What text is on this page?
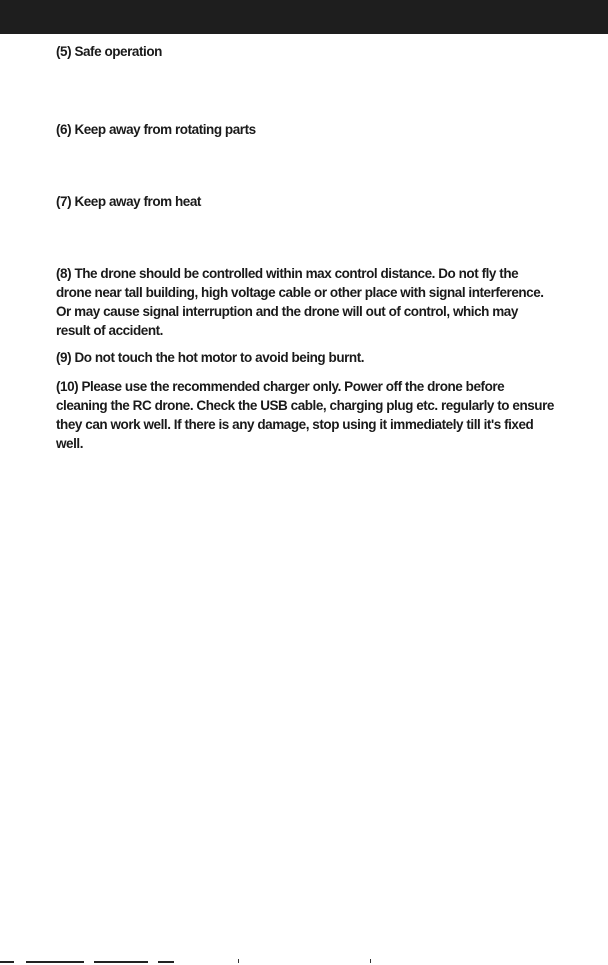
(5) Safe operation

(6) Keep away from rotating parts

(7) Keep away from heat

(8) The drone should be controlled within max control distance. Do not fly the drone near tall building, high voltage cable or other place with signal interference. Or may cause signal interruption and the drone will out of control, which may result of accident.

(9) Do not touch the hot motor to avoid being burnt.

(10) Please use the recommended charger only. Power off the drone before cleaning the RC drone. Check the USB cable, charging plug etc. regularly to ensure they can work well. If there is any damage, stop using it immediately till it's fixed well.
